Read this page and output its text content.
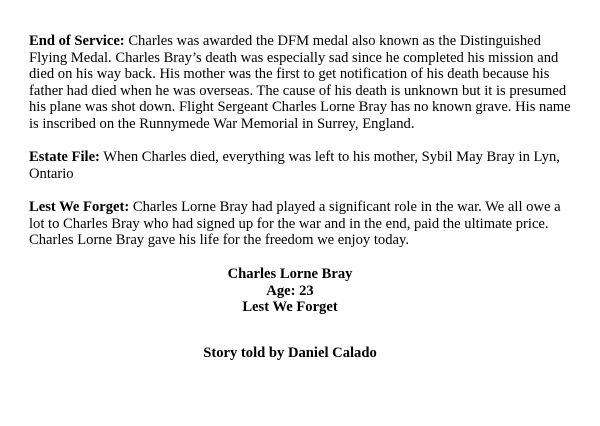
End of Service: Charles was awarded the DFM medal also known as the Distinguished Flying Medal. Charles Bray’s death was especially sad since he completed his mission and died on his way back. His mother was the first to get notification of his death because his father had died when he was overseas. The cause of his death is unknown but it is presumed his plane was shot down. Flight Sergeant Charles Lorne Bray has no known grave. His name is inscribed on the Runnymede War Memorial in Surrey, England.

Estate File: When Charles died, everything was left to his mother, Sybil May Bray in Lyn, Ontario

Lest We Forget: Charles Lorne Bray had played a significant role in the war. We all owe a lot to Charles Bray who had signed up for the war and in the end, paid the ultimate price. Charles Lorne Bray gave his life for the freedom we enjoy today.

Charles Lorne Bray
Age: 23
Lest We Forget
Story told by Daniel Calado
